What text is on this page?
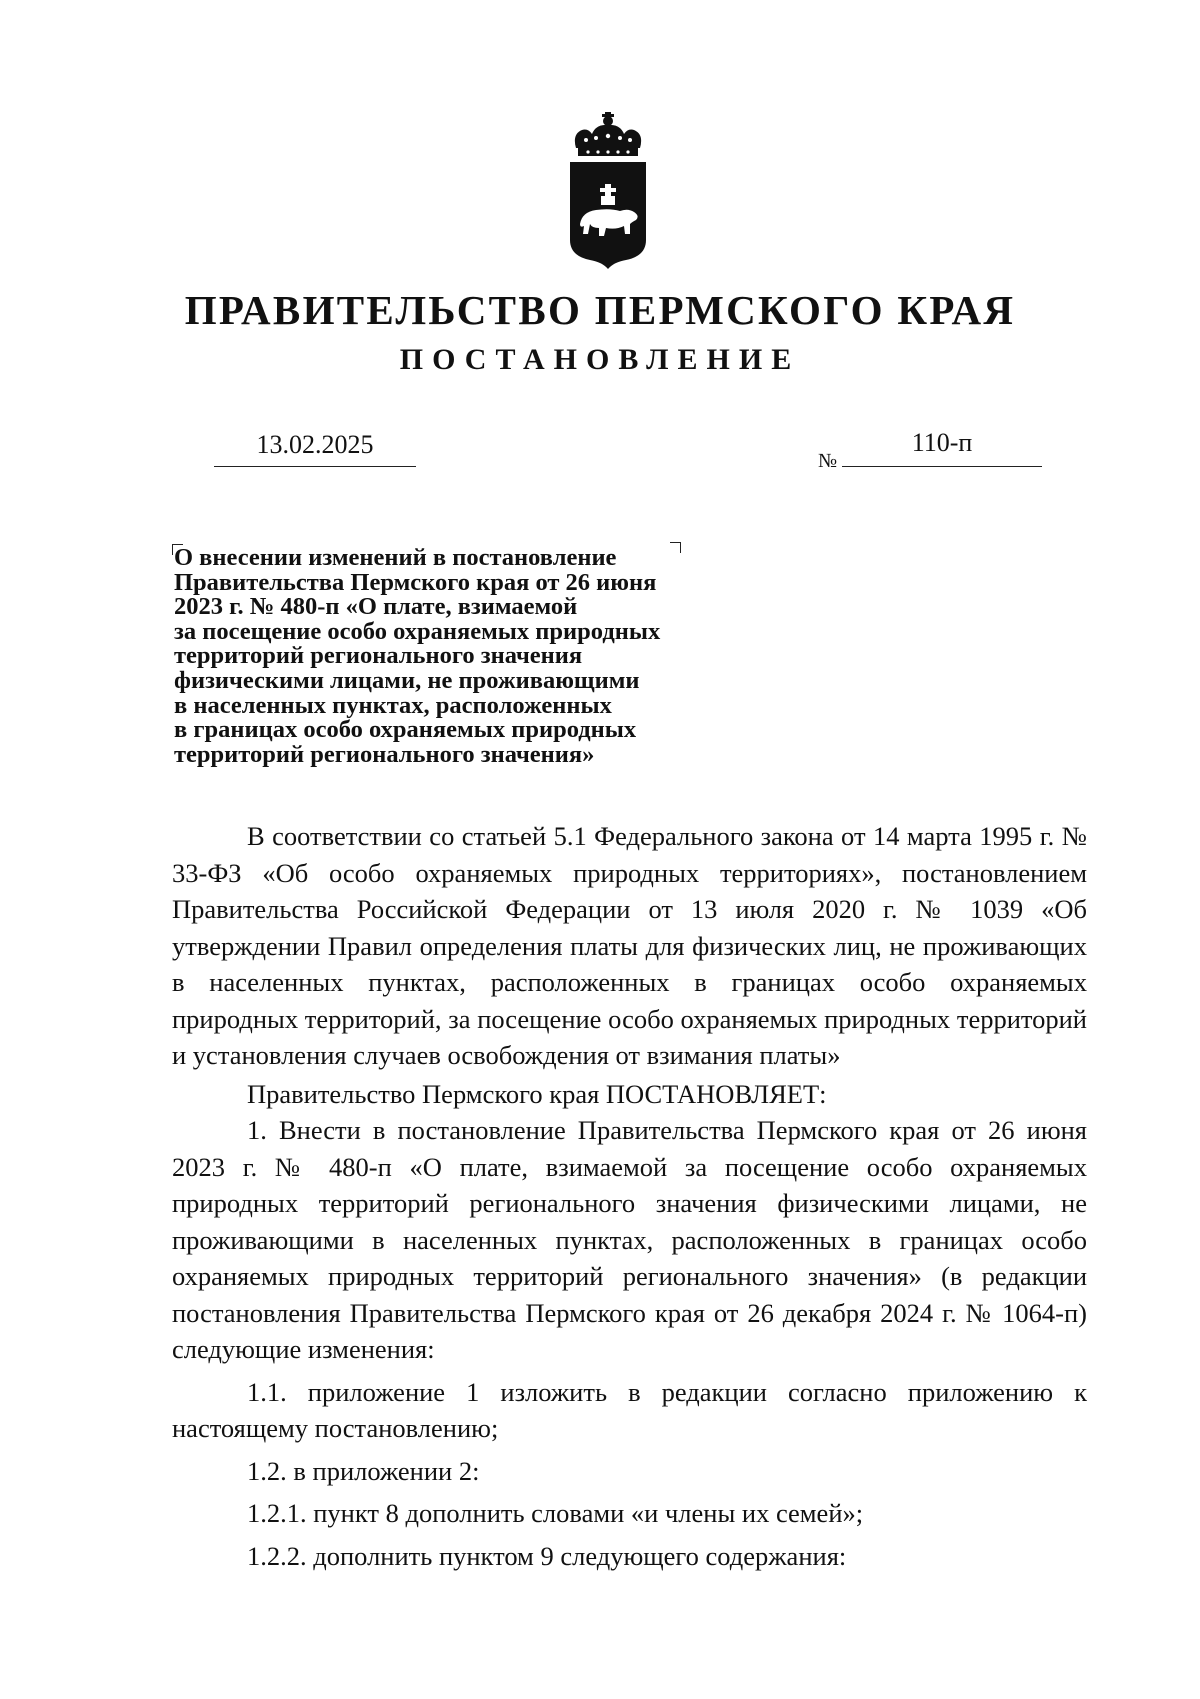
ПРАВИТЕЛЬСТВО ПЕРМСКОГО КРАЯ
ПОСТАНОВЛЕНИЕ
13.02.2025
№
110-п
О внесении изменений в постановление
Правительства Пермского края от 26 июня
2023 г. № 480-п «О плате, взимаемой
за посещение особо охраняемых природных
территорий регионального значения
физическими лицами, не проживающими
в населенных пунктах, расположенных
в границах особо охраняемых природных
территорий регионального значения»

В соответствии со статьей 5.1 Федерального закона от 14 марта 1995 г. № 33-ФЗ «Об особо охраняемых природных территориях», постановлением Правительства Российской Федерации от 13 июля 2020 г. № 1039 «Об утверждении Правил определения платы для физических лиц, не проживающих в населенных пунктах, расположенных в границах особо охраняемых природных территорий, за посещение особо охраняемых природных территорий и установления случаев освобождения от взимания платы»

Правительство Пермского края ПОСТАНОВЛЯЕТ:

1. Внести в постановление Правительства Пермского края от 26 июня 2023 г. № 480-п «О плате, взимаемой за посещение особо охраняемых природных территорий регионального значения физическими лицами, не проживающими в населенных пунктах, расположенных в границах особо охраняемых природных территорий регионального значения» (в редакции постановления Правительства Пермского края от 26 декабря 2024 г. № 1064-п) следующие изменения:

1.1. приложение 1 изложить в редакции согласно приложению к настоящему постановлению;

1.2. в приложении 2:

1.2.1. пункт 8 дополнить словами «и члены их семей»;

1.2.2. дополнить пунктом 9 следующего содержания:
